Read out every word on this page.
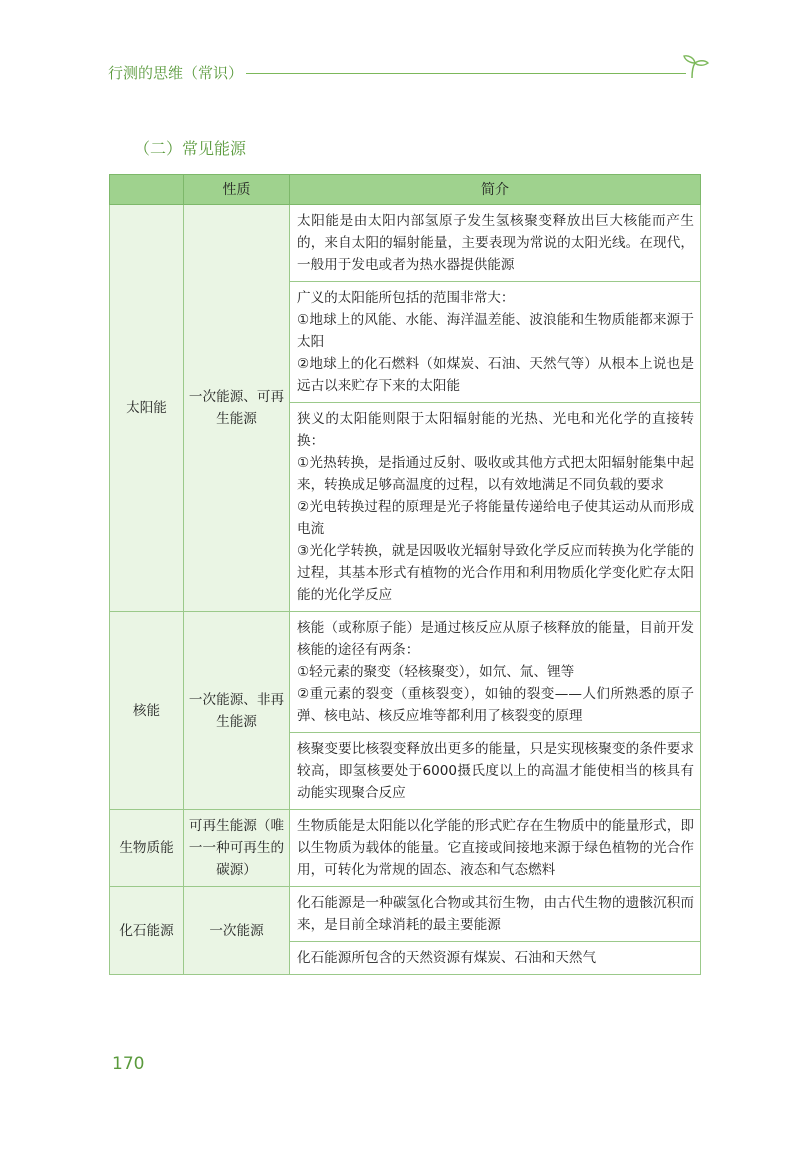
行测的思维（常识）
（二）常见能源
	性质	简介
太阳能	一次能源、可再生能源	太阳能是由太阳内部氢原子发生氢核聚变释放出巨大核能而产生的，来自太阳的辐射能量，主要表现为常说的太阳光线。在现代，一般用于发电或者为热水器提供能源

		广义的太阳能所包括的范围非常大：
①地球上的风能、水能、海洋温差能、波浪能和生物质能都来源于太阳
②地球上的化石燃料（如煤炭、石油、天然气等）从根本上说也是远古以来贮存下来的太阳能

		狭义的太阳能则限于太阳辐射能的光热、光电和光化学的直接转换：
①光热转换，是指通过反射、吸收或其他方式把太阳辐射能集中起来，转换成足够高温度的过程，以有效地满足不同负载的要求
②光电转换过程的原理是光子将能量传递给电子使其运动从而形成电流
③光化学转换，就是因吸收光辐射导致化学反应而转换为化学能的过程，其基本形式有植物的光合作用和利用物质化学变化贮存太阳能的光化学反应

核能	一次能源、非再生能源	核能（或称原子能）是通过核反应从原子核释放的能量，目前开发核能的途径有两条：
①轻元素的聚变（轻核聚变），如氘、氚、锂等
②重元素的裂变（重核裂变），如铀的裂变——人们所熟悉的原子弹、核电站、核反应堆等都利用了核裂变的原理

		核聚变要比核裂变释放出更多的能量，只是实现核聚变的条件要求较高，即氢核要处于6000摄氏度以上的高温才能使相当的核具有动能实现聚合反应

生物质能	可再生能源（唯一一种可再生的碳源）	生物质能是太阳能以化学能的形式贮存在生物质中的能量形式，即以生物质为载体的能量。它直接或间接地来源于绿色植物的光合作用，可转化为常规的固态、液态和气态燃料

化石能源	一次能源	化石能源是一种碳氢化合物或其衍生物，由古代生物的遗骸沉积而来，是目前全球消耗的最主要能源

		化石能源所包含的天然资源有煤炭、石油和天然气
170
